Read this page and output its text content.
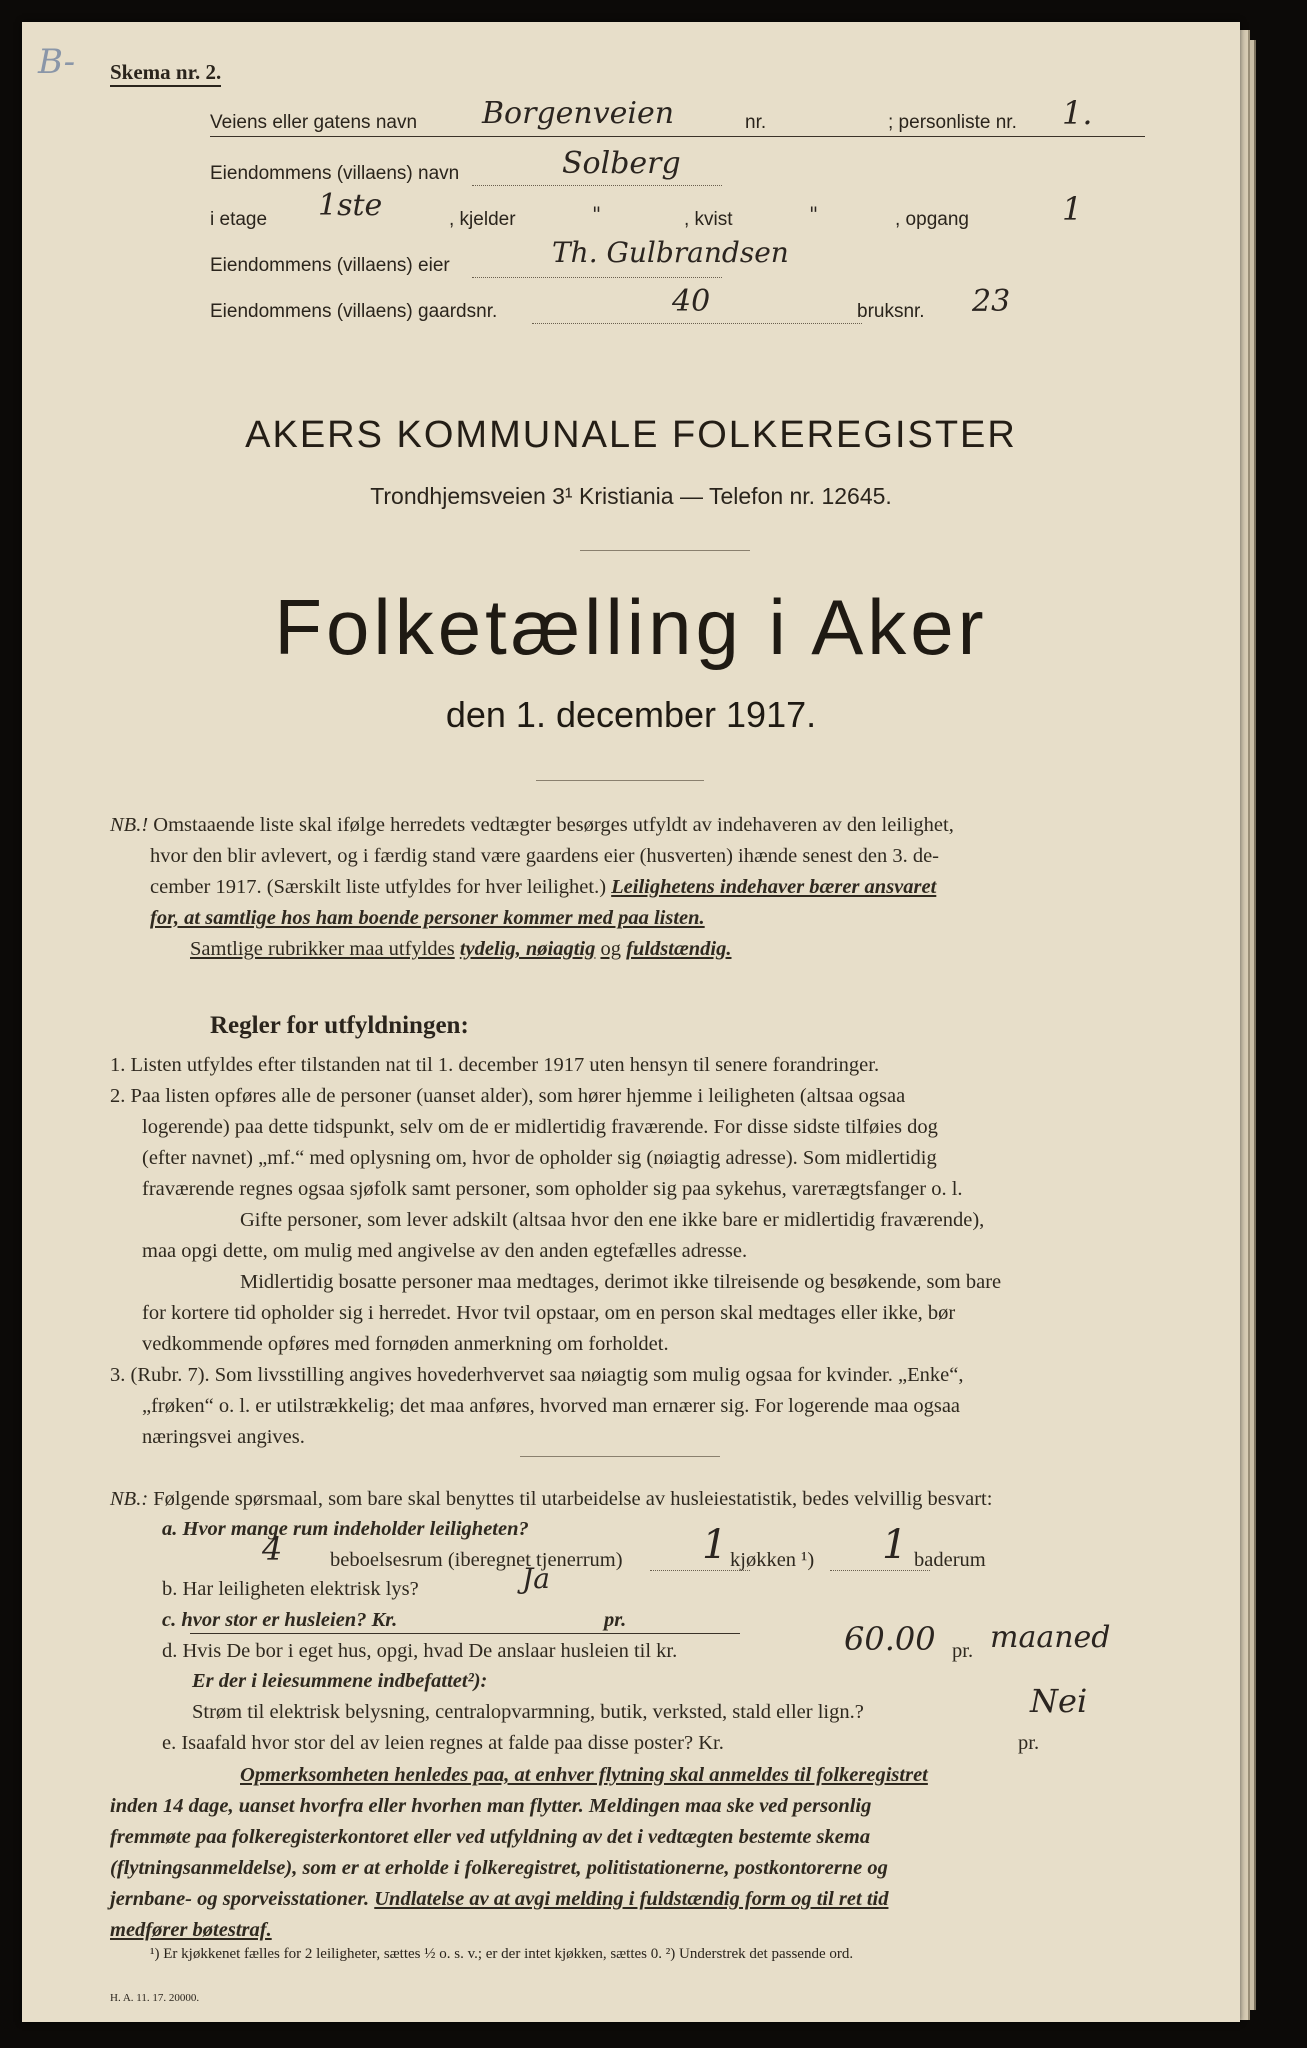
B- Skema nr. 2.
Veiens eller gatens navn Borgenveien	nr.	; personliste nr. 1.
Eiendommens (villaens) navn	Solberg
i etage 1ste	, kjelder	"	, kvist	"	, opgang	1
Eiendommens (villaens) eier	Th. Gulbrandsen
Eiendommens (villaens) gaardsnr.	40	bruksnr. 23
AKERS KOMMUNALE FOLKEREGISTER
Trondhjemsveien 3¹ Kristiania — Telefon nr. 12645.
Folketælling i Aker
den 1. december 1917.
NB.! Omstaaende liste skal ifølge herredets vedtægter besørges utfyldt av indehaveren av den leilighet,
hvor den blir avlevert, og i færdig stand være gaardens eier (husverten) ihænde senest den 3. de-
cember 1917. (Særskilt liste utfyldes for hver leilighet.) Leilighetens indehaver bærer ansvaret
for, at samtlige hos ham boende personer kommer med paa listen.
Samtlige rubrikker maa utfyldes tydelig, nøiagtig og fuldstændig.
Regler for utfyldningen:
1. Listen utfyldes efter tilstanden nat til 1. december 1917 uten hensyn til senere forandringer.
2. Paa listen opføres alle de personer (uanset alder), som hører hjemme i leiligheten (altsaa ogsaa
logerende) paa dette tidspunkt, selv om de er midlertidig fraværende. For disse sidste tilføies dog
(efter navnet) „mf.“ med oplysning om, hvor de opholder sig (nøiagtig adresse). Som midlertidig
fraværende regnes ogsaa sjøfolk samt personer, som opholder sig paa sykehus, vareтægtsfanger o. l.
Gifte personer, som lever adskilt (altsaa hvor den ene ikke bare er midlertidig fraværende),
maa opgi dette, om mulig med angivelse av den anden egtefælles adresse.
Midlertidig bosatte personer maa medtages, derimot ikke tilreisende og besøkende, som bare
for kortere tid opholder sig i herredet. Hvor tvil opstaar, om en person skal medtages eller ikke, bør
vedkommende opføres med fornøden anmerkning om forholdet.
3. (Rubr. 7). Som livsstilling angives hovederhvervet saa nøiagtig som mulig ogsaa for kvinder. „Enke“,
„frøken“ o. l. er utilstrækkelig; det maa anføres, hvorved man ernærer sig. For logerende maa ogsaa
næringsvei angives.
NB.: Følgende spørsmaal, som bare skal benyttes til utarbeidelse av husleiestatistik, bedes velvillig besvart:
a. Hvor mange rum indeholder leiligheten?
4 beboelsesrum (iberegnet tjenerrum) 1 kjøkken ¹) 1 baderum
b. Har leiligheten elektrisk lys?	Ja
c. hvor stor er husleien? Kr.	pr.
d. Hvis De bor i eget hus, opgi, hvad De anslaar husleien til kr.	60.00 pr. maaned
Er der i leiesummene indbefattet²):
Strøm til elektrisk belysning, centralopvarmning, butik, verksted, stald eller lign.?	Nei
e. Isaafald hvor stor del av leien regnes at falde paa disse poster? Kr.	pr.
Opmerksomheten henledes paa, at enhver flytning skal anmeldes til folkeregistret
inden 14 dage, uanset hvorfra eller hvorhen man flytter. Meldingen maa ske ved personlig
fremmøte paa folkeregisterkontoret eller ved utfyldning av det i vedtægten bestemte skema
(flytningsanmeldelse), som er at erholde i folkeregistret, politistationerne, postkontorerne og
jernbane- og sporveisstationer. Undlatelse av at avgi melding i fuldstændig form og til ret tid
medfører bøtestraf.
¹) Er kjøkkenet fælles for 2 leiligheter, sættes ½ o. s. v.; er der intet kjøkken, sættes 0. ²) Understrek det passende ord.
H. A. 11. 17. 20000.
